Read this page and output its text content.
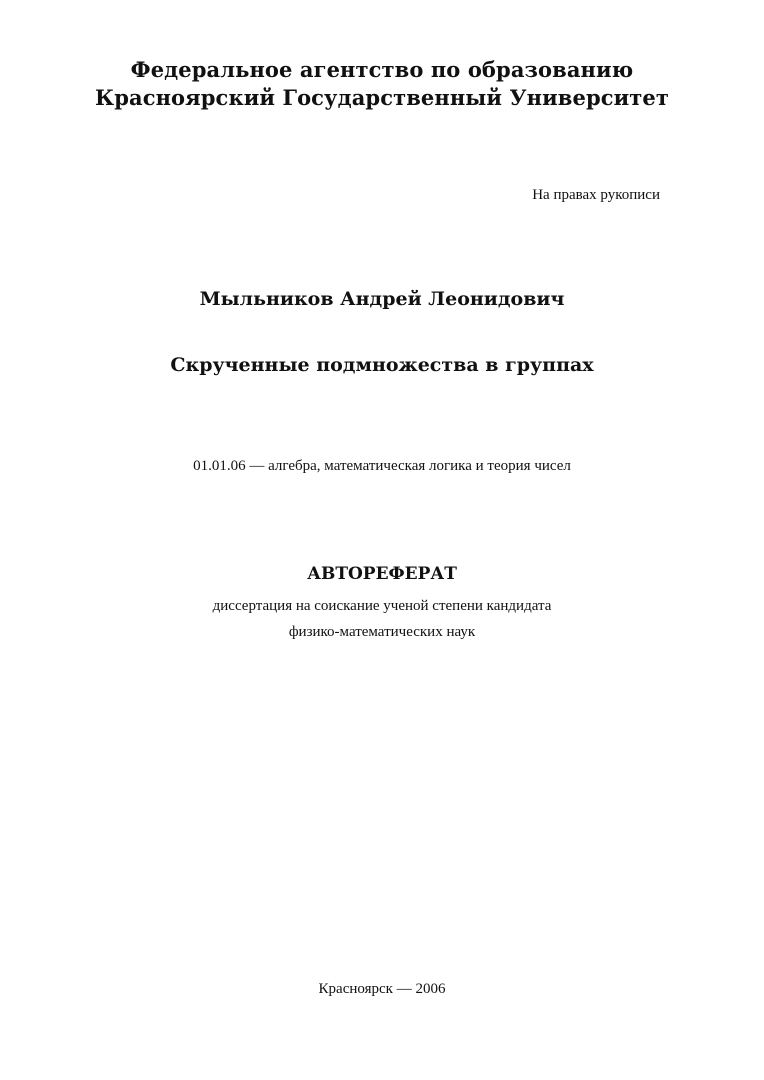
Федеральное агентство по образованию
Красноярский Государственный Университет
На правах рукописи
Мыльников Андрей Леонидович
Скрученные подмножества в группах
01.01.06 — алгебра, математическая логика и теория чисел
АВТОРЕФЕРАТ
диссертация на соискание ученой степени кандидата
физико-математических наук
Красноярск — 2006
